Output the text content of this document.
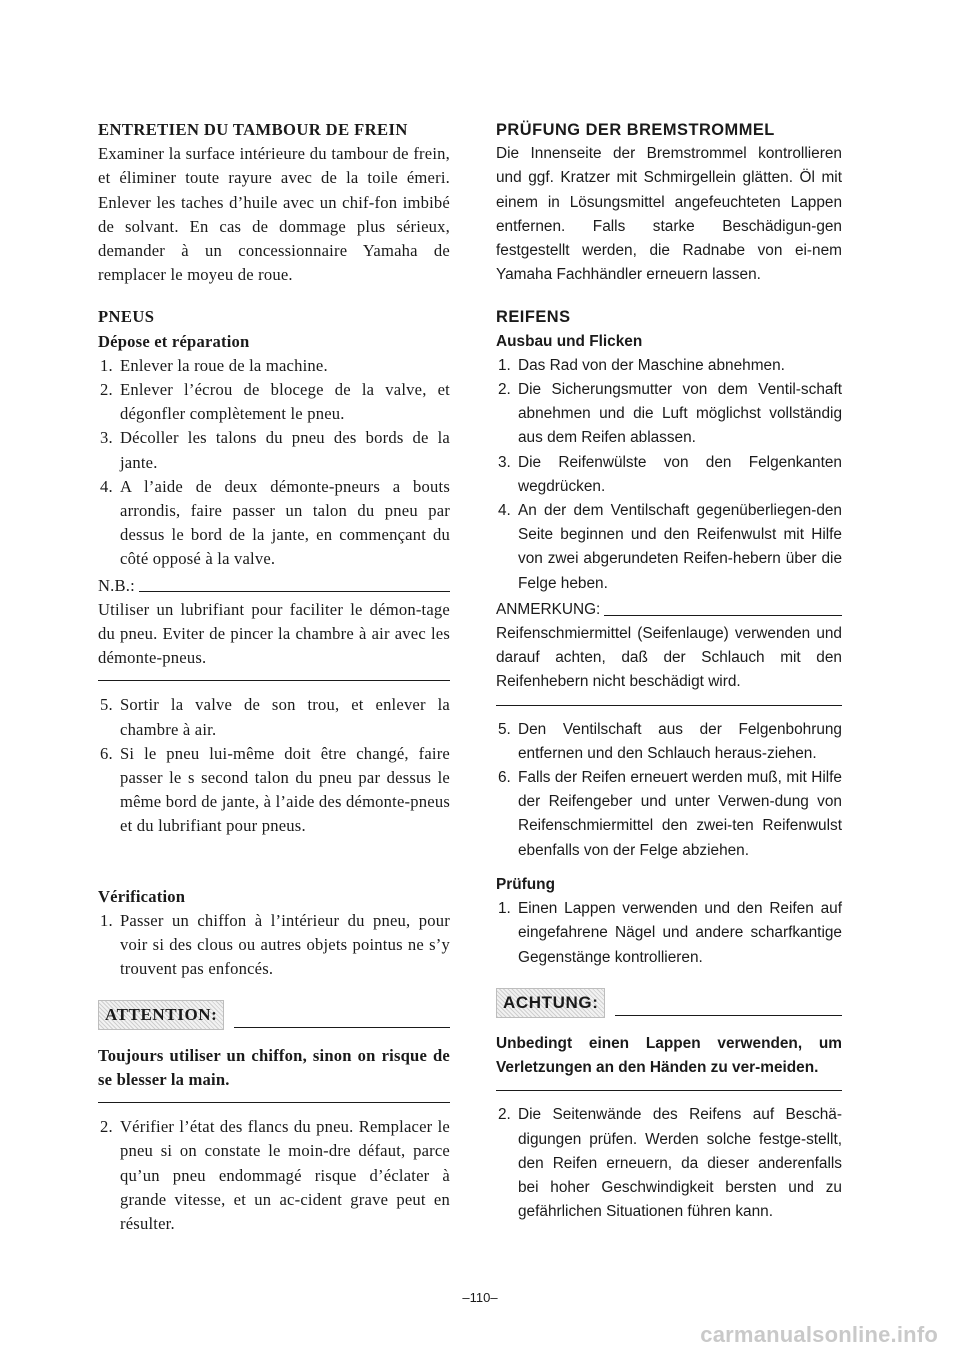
ENTRETIEN DU TAMBOUR DE FREIN

Examiner la surface intérieure du tambour de frein, et éliminer toute rayure avec de la toile émeri. Enlever les taches d’huile avec un chif-fon imbibé de solvant. En cas de dommage plus sérieux, demander à un concessionnaire Yamaha de remplacer le moyeu de roue.

PNEUS

Dépose et réparation

1. Enlever la roue de la machine.
2. Enlever l’écrou de blocege de la valve, et dégonfler complètement le pneu.
3. Décoller les talons du pneu des bords de la jante.
4. A l’aide de deux démonte-pneurs a bouts arrondis, faire passer un talon du pneu par dessus le bord de la jante, en commençant du côté opposé à la valve.
N.B.:

Utiliser un lubrifiant pour faciliter le démon-tage du pneu. Eviter de pincer la chambre à air avec les démonte-pneus.

5. Sortir la valve de son trou, et enlever la chambre à air.
6. Si le pneu lui-même doit être changé, faire passer le s second talon du pneu par dessus le même bord de jante, à l’aide des démonte-pneus et du lubrifiant pour pneus.

Vérification

1. Passer un chiffon à l’intérieur du pneu, pour voir si des clous ou autres objets pointus ne s’y trouvent pas enfoncés.
ATTENTION:

Toujours utiliser un chiffon, sinon on risque de se blesser la main.

2. Vérifier l’état des flancs du pneu. Remplacer le pneu si on constate le moin-dre défaut, parce qu’un pneu endommagé risque d’éclater à grande vitesse, et un ac-cident grave peut en résulter.

PRÜFUNG DER BREMSTROMMEL

Die Innenseite der Bremstrommel kontrollieren und ggf. Kratzer mit Schmirgellein glätten. Öl mit einem in Lösungsmittel angefeuchteten Lappen entfernen. Falls starke Beschädigun-gen festgestellt werden, die Radnabe von ei-nem Yamaha Fachhändler erneuern lassen.

REIFENS

Ausbau und Flicken

1. Das Rad von der Maschine abnehmen.
2. Die Sicherungsmutter von dem Ventil-schaft abnehmen und die Luft möglichst vollständig aus dem Reifen ablassen.
3. Die Reifenwülste von den Felgenkanten wegdrücken.
4. An der dem Ventilschaft gegenüberliegen-den Seite beginnen und den Reifenwulst mit Hilfe von zwei abgerundeten Reifen-hebern über die Felge heben.
ANMERKUNG:

Reifenschmiermittel (Seifenlauge) verwenden und darauf achten, daß der Schlauch mit den Reifenhebern nicht beschädigt wird.

5. Den Ventilschaft aus der Felgenbohrung entfernen und den Schlauch heraus-ziehen.
6. Falls der Reifen erneuert werden muß, mit Hilfe der Reifengeber und unter Verwen-dung von Reifenschmiermittel den zwei-ten Reifenwulst ebenfalls von der Felge abziehen.

Prüfung

1. Einen Lappen verwenden und den Reifen auf eingefahrene Nägel und andere scharfkantige Gegenstänge kontrollieren.
ACHTUNG:

Unbedingt einen Lappen verwenden, um Verletzungen an den Händen zu ver-meiden.

2. Die Seitenwände des Reifens auf Beschä-digungen prüfen. Werden solche festge-stellt, den Reifen erneuern, da dieser anderenfalls bei hoher Geschwindigkeit bersten und zu gefährlichen Situationen führen kann.
–110–
carmanualsonline.info
